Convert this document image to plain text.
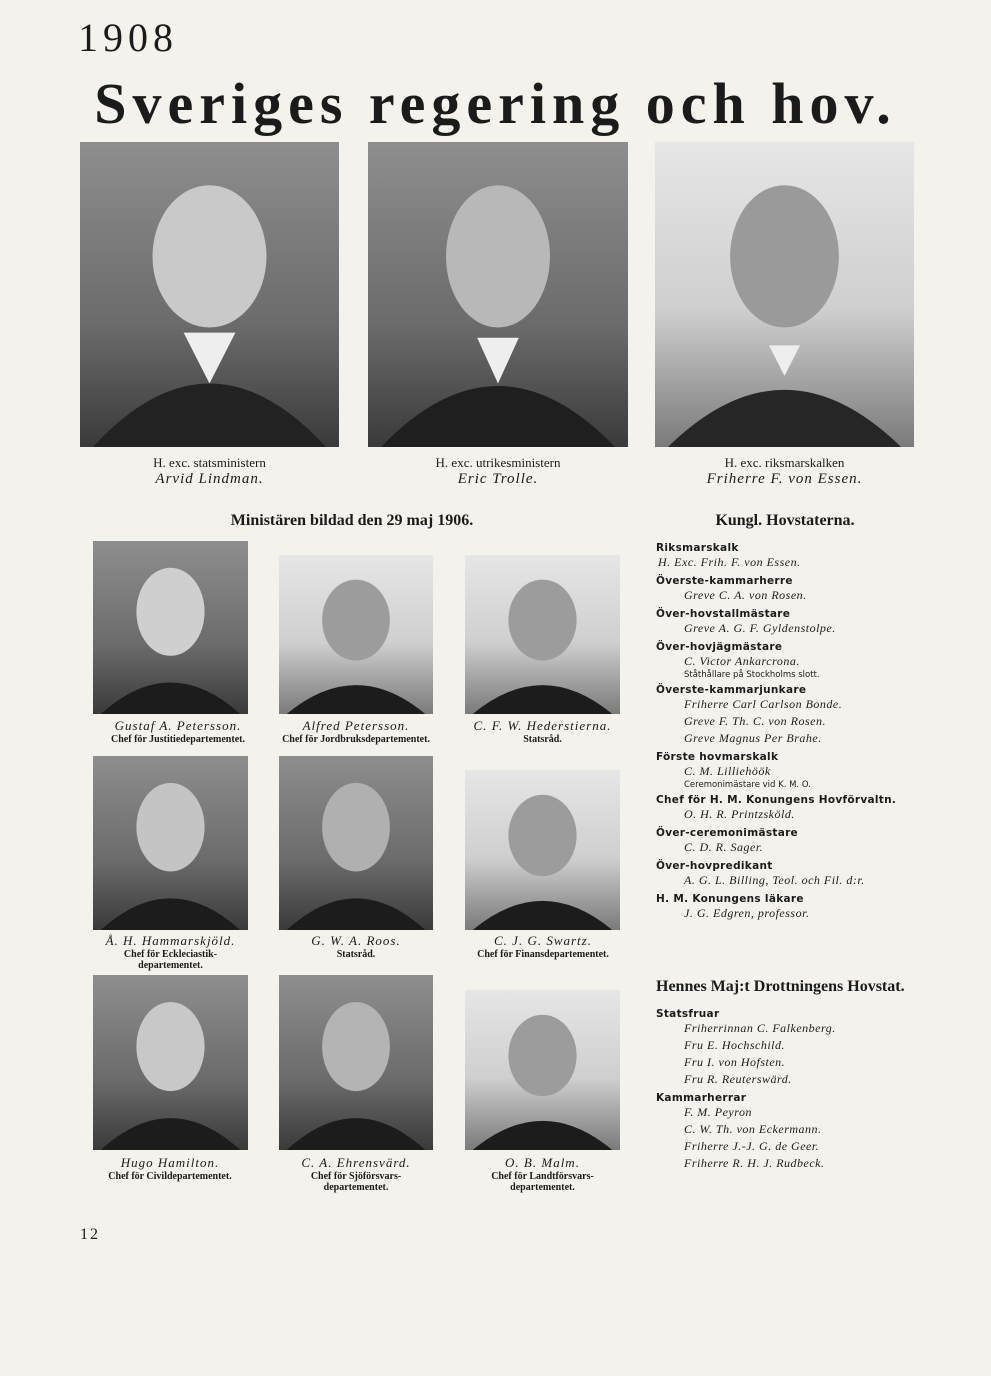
1908
Sveriges regering och hov.
H. exc. statsministern
Arvid Lindman.
H. exc. utrikesministern
Eric Trolle.
H. exc. riksmarskalken
Friherre F. von Essen.
Ministären bildad den 29 maj 1906.
Gustaf A. Petersson.
Chef för Justitiedepartementet.
Alfred Petersson.
Chef för Jordbruksdepartementet.
C. F. W. Hederstierna.
Statsråd.
Å. H. Hammarskjöld.
Chef för Eckleciastik-departementet.
G. W. A. Roos.
Statsråd.
C. J. G. Swartz.
Chef för Finansdepartementet.
Hugo Hamilton.
Chef för Civildepartementet.
C. A. Ehrensvärd.
Chef för Sjöförsvars-departementet.
O. B. Malm.
Chef för Landtförsvars-departementet.
Kungl. Hovstaterna.
Riksmarskalk
H. Exc. Frih. F. von Essen.
Överste-kammarherre
Greve C. A. von Rosen.
Över-hovstallmästare
Greve A. G. F. Gyldenstolpe.
Över-hovjägmästare
C. Victor Ankarcrona.
Ståthållare på Stockholms slott.
Överste-kammarjunkare
Friherre Carl Carlson Bonde.
Greve F. Th. C. von Rosen.
Greve Magnus Per Brahe.
Förste hovmarskalk
C. M. Lilliehöök
Ceremonimästare vid K. M. O.
Chef för H. M. Konungens Hovförvaltn.
O. H. R. Printzsköld.
Över-ceremonimästare
C. D. R. Sager.
Över-hovpredikant
A. G. L. Billing, Teol. och Fil. d:r.
H. M. Konungens läkare
J. G. Edgren, professor.
Hennes Maj:t Drottningens Hovstat.
Statsfruar
Friherrinnan C. Falkenberg.
Fru E. Hochschild.
Fru I. von Hofsten.
Fru R. Reuterswärd.
Kammarherrar
F. M. Peyron
C. W. Th. von Eckermann.
Friherre J.-J. G. de Geer.
Friherre R. H. J. Rudbeck.
12
